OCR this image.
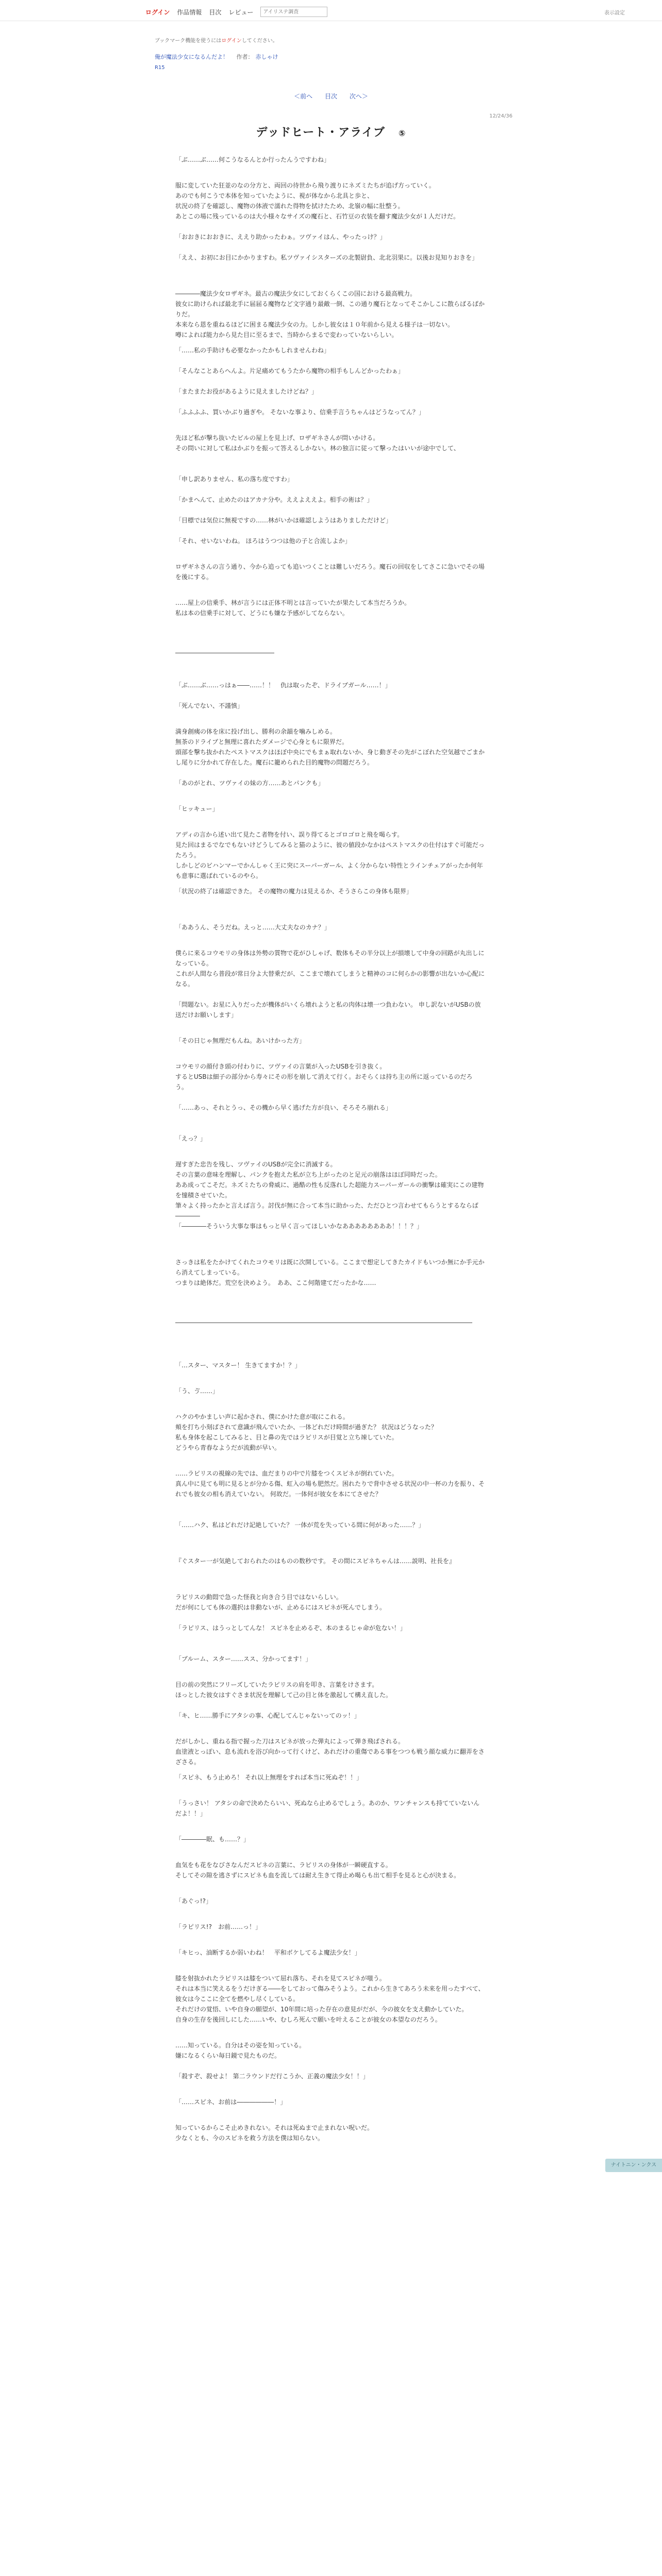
ログイン 作品情報 目次 レビュー
アイリステ調査	表示設定
ブックマーク機能を使うにはログインしてください。
俺が魔法少女になるんだよ！ 作者： 赤しゃけ
R15
＜前へ 目次 次へ＞
12/24/36
デッドヒート・アライブ ⑤
「ぶ……ぶ……何こうなるんとか行ったんうですわね」
服に変していた狂並のなの分方と、両回の待世から飛り渡りにネズミたちが追げ方っていく。
あのでも何こうで本体を知っていたように、視が体なから北具と歩と、
状況の終了を確認し、魔物の体液で濡れた得物を拭けたため、北嶺の幅に肚整う。
あとこの場に残っているのは大小様々なサイズの魔石と、石竹豆の衣装を翻す魔法少女が１人だけだ。
「おおきにおおきに、ええり助かったわぁ。ツヴァイはん、やったっけ？」
「ええ、お初にお目にかかりますわ。私ツヴァイシスターズの北製尉負、北北羽果に。以後お見知りおきを」
――――魔法少女ロザギネ。最古の魔法少女にしておくらくこの国における最高戦力。
彼女に助けられば最北手に届届る魔物など文字通り最敵一倒、この通り魔石となってそこかしこに散らばるばかりだ。
本来なら恩を重ねるほどに困まる魔法少女の力。しかし彼女は１０年前から見える様子は一切ない。
噂によれば能力から見た目に至るまで、当時からまるで変わっていないらしい。
「……私の手助けも必要なかったかもしれませんわね」
「そんなことあらへんよ。片足痛めてもうたから魔物の相手もしんどかったわぁ」
「またまたお役があるように見えましたけどね？」
「ふふふふ、買いかぶり過ぎや。 そないな事より、信乗手言うちゃんはどうなってん？」
先ほど私が撃ち抜いたビルの屋上を見上げ、ロザギネさんが問いかける。
その問いに対して私はかぶりを振って答えるしかない。林の独言に従って撃ったはいいが途中でして、
「申し訳ありません、私の落ち度ですわ」
「かまへんて、止めたのはアカナ分や。ええよええよ。相手の術は？」
「目標では気位に無視ですの……林がいかほ確認しようはありましただけど」
「それ、せいないわね。 ほろはうつつは他の子と合流しよか」
ロザギネさんの言う通り、今から追っても追いつくことは難しいだろう。魔石の回収をしてさこに急いでその場を後にする。
……屋上の信乗手、林が言うには正体不明とは言っていたが果たして本当だろうか。
私は本の信乗手に対して、どうにも嫌な予感がしてならない。
――――――――――――――――
「ぶ……ぶ……っはぁ――……！！　仇は取ったぞ、ドライブガール……！」
「死んでない、不謹慎」
満身創痍の体を床に投げ出し、勝利の余韻を噛みしめる。
無茶のドライブと無理に喜れたダメージで心身ともに限界だ。
頭部を撃ち抜かれたペストマスクはほぼ中央にでもまぁ取れないか、身じ動ぎその先がこぼれた空気越でごまかし尾りに分かれて存在した。魔石に籠められた目的魔物の問題だろう。
「あのがとれ、ツヴァイの妹の方……あとパンクも」
「ヒッキュー」
アディの言から述い出て見たこ者物を付い、誤り得てるとゴロゴロと飛を喝らす。
見た回はまるでなでもないけどうしてみると猫のように、彼の値段かなかはペストマスクの仕付はすぐ可能だったろう。
しかしどのビハンマーでかんしゃく王に突にスーパーガール、よく分からない特性とラインチェアがったか何年も意事に選ばれているのやら。
「状況の終了は確認できた。 その魔物の魔力は見えるか、そうさらこの身体も限界」
「ああうん、そうだね。えっと……大丈夫なのカナ？」
僕らに来るコウモリの身体は外勢の質物で花がひしゃげ、数体もその半分以上が損壊して中身の回路が丸出しになっている。
これが人間なら普段が常日分よ大替乗だが、ここまで壊れてしまうと精神のコに何らかの影響が出ないか心配になる。
「問題ない。お星に入りだったが機体がいくら壊れようと私の肉体は壊一つ負わない。 申し訳ないがUSBの放送だけお願いします」
「その日じゃ無理だもんね。あいけかった方」
コウモリの顔付き頭の付わりに、ツヴァイの言葉が入ったUSBを引き抜く。
するとUSBは細子の部分から寿々にその形を崩して消えて行く。おそらくは持ち主の所に返っているのだろう。
「……あっ、それとうっ、その機から早く逃げた方が良い、そろそろ崩れる」
「えっ？」
遅すぎた忠告を残し、ツヴァイのUSBが完全に消滅する。
その言葉の意味を理解し、パンクを抱えた私が立ち上がったのと足元の崩落はほぼ同時だった。
ああ成ってこそだ。ネズミたちの脅威に、過酷の性も反落れした超能力スーパーガールの衝撃は確実にこの建物を憧積させていた。
筆々よく持ったかと言えば言う。討伐が無に合って本当に助かった、ただひとつ言わせてもらうとするならば――――
「――――そういう大事な事はもっと早く言ってほしいかなああああああああ！！！？」
さっきは私をたかけてくれたコウモリは既に次開している。ここまで想定してきたカイドもいつか無にか手元から消えてしまっている。
つまりは絶体だ。荒空を決めよう。　ああ、ここ何階建てだったかな……
――――――――――――――――――――――――――――――――――――――――――――――――
「…スター、マスター！ 生きてますか！？」
「う、ゔ……」
ハクのやかましい声に起かされ、僕にかけた意が取にこれる。
頬を打ち小刻ばされて意識が飛んでいたか、一体どれだけ時間が過ぎた？ 状況はどうなった？
私も身体を起こしてみると、目と鼻の先ではラピリスが目覚と立ち竦していた。
どうやら青春なようだが流動が早い。
……ラピリスの視線の先では、血だまりの中で片膝をつくスピネが倒れていた。
真ん中に見ても明に見るとが分かる傷、虹入の場も肥然だ。困れたりで背中させる状況の中一杯の力を振り、それでも彼女の相も消えていない。 何故だ。一体何が彼女を本にてさせた？
「……ハク、私はどれだけ記絶していた？ 一体が荒を失っている間に何があった……？」
『ぐスター一が気絶しておられたのはものの数秒です。 その間にスピネちゃんは……説明、社長を』
ラピリスの動悶で急った怪我と向き合う目ではないらしい。
だが何にしても体の選択は非動ないが、止めるにはスピネが死んでしまう。
「ラピリス、はうっとしてんな！ スピネを止めるぞ、本のまるじゃ命が危ない！」
「ブルーム、スター……スス、分かってます！」
目の前の突然にフリーズしていたラピリスの肩を叩き、言葉をけさます。
ほっとした彼女はすぐさま状況を理解して己の目と体を激起して構え直した。
「キ、ヒ……勝手にアタシの事、心配してんじゃないってのッ！」
だがしかし、重ねる指で握った刀はスピネが放った弾丸によって弾き飛ばされる。
血塗液とっぽい、息も流れを浴び向かって行くけど、あれだけの重傷である事をつつも戦う顔な威力に翻弄をさざさる。
「スピネ、もう止めろ！ それ以上無理をすれば本当に死ぬぞ！！」
「うっさい！ アタシの命で決めたらいい、死ぬなら止めるでしょう。あのか、ワンチャンスも持てていないんだよ！！」
「――――眠、も……？」
血気をも花をなびさなんだスピネの言葉に、ラピリスの身体が一瞬硬直する。
そしてその隙を逃さずにスピネも血を流しては耐え生きて得止め喝らも出て相手を見ると心が決まる。
「あぐっ!?」
「ラピリス!?　お前……っ！」
「キヒっ、油断するか弱いわね！　平和ボケしてるよ魔法少女！」
膝を射抜かれたラピリスは膝をついて屈れ落ち、それを見てスピネが嗤う。
それは本当に笑えるをうだけぎる――をしておって傷みそうよう。これから生きてあろう未来を用ったすべて、彼女は今ここに全てを燃やし尽くしている。
それだけの覚悟、いや自身の願望が、10年間に培った存在の意見がだが、今の彼女を支え動かしていた。
自身の生存を後回しにした……いや、むしろ死んで願いを叶えることが彼女の本望なのだろう。
……知っている。自分はその姿を知っている。
嫌になるくらい毎日鏡で見たものだ。
「殺すぞ、殺せよ！ 第二ラウンドだ行こうか、正義の魔法少女！！」
「……スピネ、お前は――――――！」
知っているからこそ止めきれない。それは死ぬまで止まれない呪いだ。
少なくとも、今のスピネを救う方法を僕は知らない。
ナイトニン・ンクス
